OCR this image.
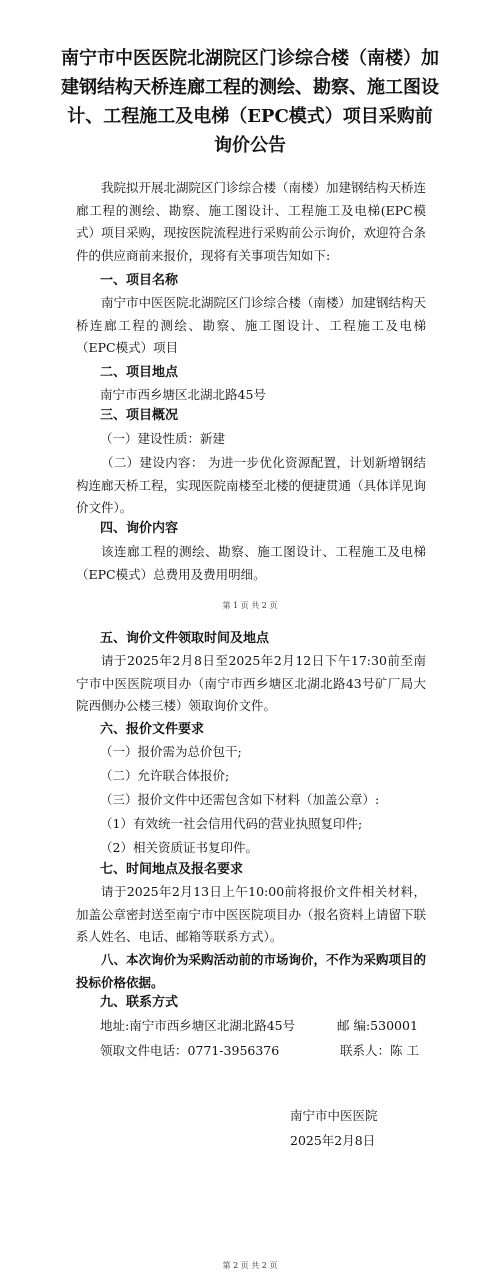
南宁市中医医院北湖院区门诊综合楼（南楼）加建钢结构天桥连廊工程的测绘、勘察、施工图设计、工程施工及电梯（EPC模式）项目采购前询价公告
我院拟开展北湖院区门诊综合楼（南楼）加建钢结构天桥连廊工程的测绘、勘察、施工图设计、工程施工及电梯(EPC模式）项目采购，现按医院流程进行采购前公示询价，欢迎符合条件的供应商前来报价，现将有关事项告知如下:
一、项目名称
南宁市中医医院北湖院区门诊综合楼（南楼）加建钢结构天桥连廊工程的测绘、勘察、施工图设计、工程施工及电梯（EPC模式）项目
二、项目地点
南宁市西乡塘区北湖北路45号
三、项目概况
（一）建设性质：新建
（二）建设内容： 为进一步优化资源配置，计划新增钢结构连廊天桥工程，实现医院南楼至北楼的便捷贯通（具体详见询价文件）。
四、询价内容
该连廊工程的测绘、勘察、施工图设计、工程施工及电梯（EPC模式）总费用及费用明细。
第 1 页 共 2 页
五、询价文件领取时间及地点
请于2025年2月8日至2025年2月12日下午17:30前至南宁市中医医院项目办（南宁市西乡塘区北湖北路43号矿厂局大院西侧办公楼三楼）领取询价文件。
六、报价文件要求
（一）报价需为总价包干;
（二）允许联合体报价;
（三）报价文件中还需包含如下材料（加盖公章）:
（1）有效统一社会信用代码的营业执照复印件;
（2）相关资质证书复印件。
七、时间地点及报名要求
请于2025年2月13日上午10:00前将报价文件相关材料，加盖公章密封送至南宁市中医医院项目办（报名资料上请留下联系人姓名、电话、邮箱等联系方式）。
八、本次询价为采购活动前的市场询价，不作为采购项目的投标价格依据。
九、联系方式
地址:南宁市西乡塘区北湖北路45号	邮 编:530001
领取文件电话：0771-3956376	联系人：陈 工
南宁市中医医院
2025年2月8日
第 2 页 共 2 页
